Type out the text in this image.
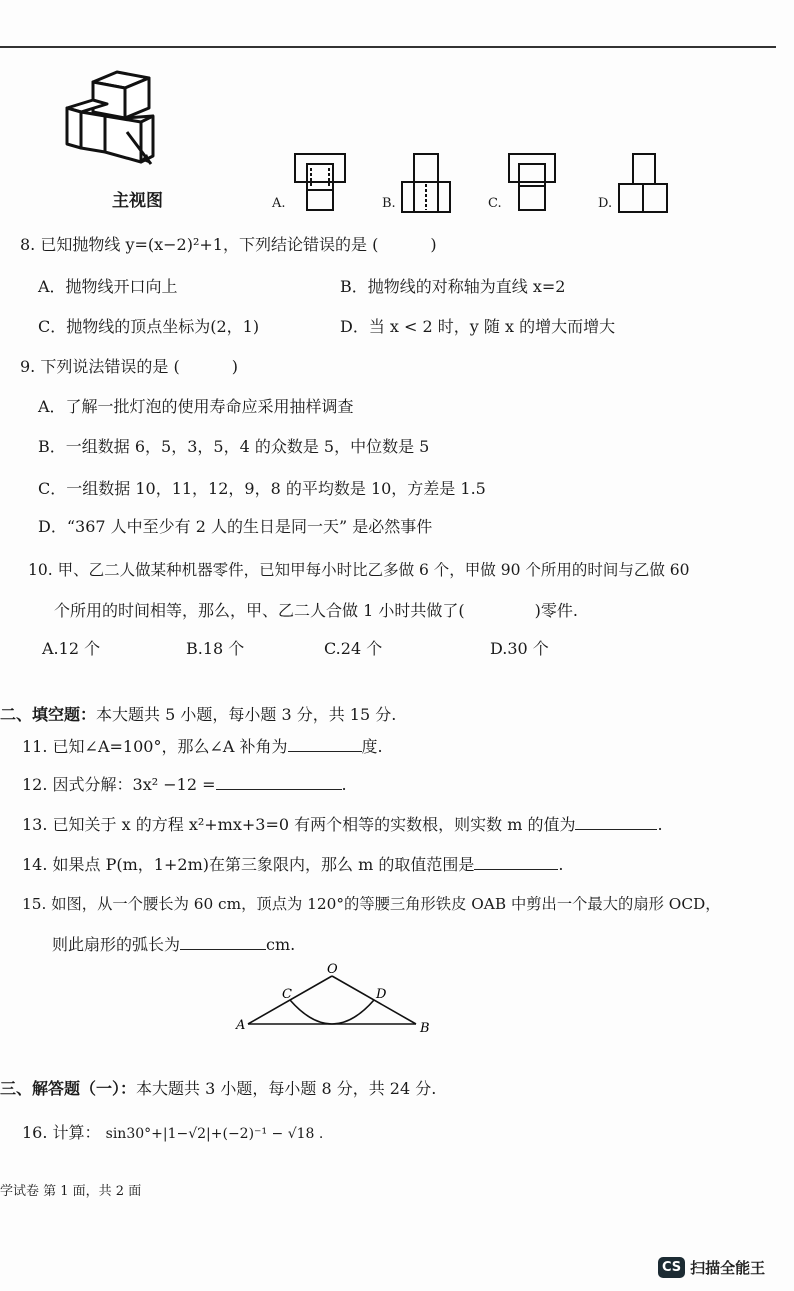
主视图	A.	B.	C.	D.
8. 已知抛物线 y=(x−2)²+1，下列结论错误的是 (	)
A．抛物线开口向上	B．抛物线的对称轴为直线 x=2
C．抛物线的顶点坐标为(2，1)	D．当 x < 2 时，y 随 x 的增大而增大
9. 下列说法错误的是 (	)
A．了解一批灯泡的使用寿命应采用抽样调查
B．一组数据 6，5，3，5，4 的众数是 5，中位数是 5
C．一组数据 10，11，12，9，8 的平均数是 10，方差是 1.5
D．“367 人中至少有 2 人的生日是同一天” 是必然事件
10. 甲、乙二人做某种机器零件，已知甲每小时比乙多做 6 个，甲做 90 个所用的时间与乙做 60
个所用的时间相等，那么，甲、乙二人合做 1 小时共做了(	)零件.
A.12 个	B.18 个	C.24 个	D.30 个
二、填空题：本大题共 5 小题，每小题 3 分，共 15 分.
11. 已知∠A=100°，那么∠A 补角为	度.
12. 因式分解：3x² −12 =	.
13. 已知关于 x 的方程 x²+mx+3=0 有两个相等的实数根，则实数 m 的值为	.
14. 如果点 P(m，1+2m)在第三象限内，那么 m 的取值范围是	.
15. 如图，从一个腰长为 60 cm，顶点为 120°的等腰三角形铁皮 OAB 中剪出一个最大的扇形 OCD，
则此扇形的弧长为	cm.
O
A	B
C	D
三、解答题（一）：本大题共 3 小题，每小题 8 分，共 24 分.
16. 计算： sin30°+|1−√2|+(−2)⁻¹ − √18 .
学试卷 第 1 面，共 2 面
CS 扫描全能王
